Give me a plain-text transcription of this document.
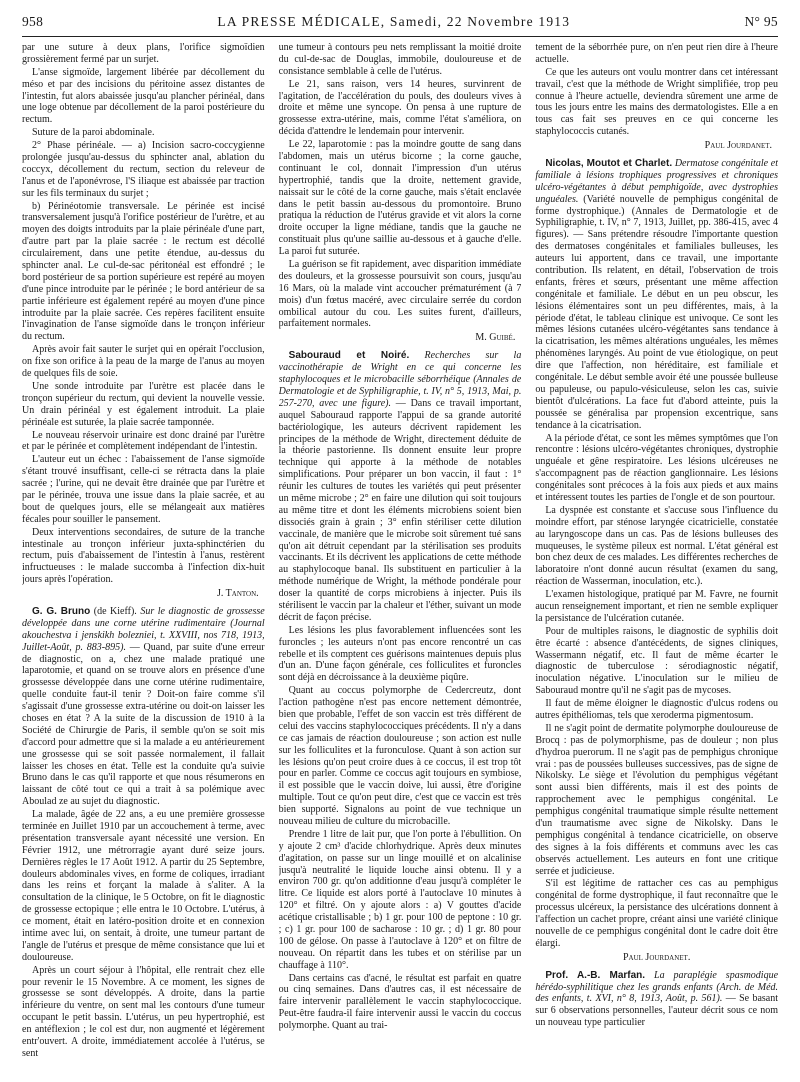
958	LA PRESSE MÉDICALE, Samedi, 22 Novembre 1913	N° 95

par une suture à deux plans, l'orifice sigmoïdien grossièrement fermé par un surjet.

L'anse sigmoïde, largement libérée par décollement du méso et par des incisions du péritoine assez distantes de l'intestin, fut alors abaissée jusqu'au plancher périnéal, dans une loge obtenue par décollement de la paroi postérieure du rectum.

Suture de la paroi abdominale.

2° Phase périnéale. — a) Incision sacro-coccygienne prolongée jusqu'au-dessus du sphincter anal, ablation du coccyx, décollement du rectum, section du releveur de l'anus et de l'aponévrose, l'S iliaque est abaissée par traction sur les fils terminaux du surjet ;

b) Périnéotomie transversale. Le périnée est incisé transversalement jusqu'à l'orifice postérieur de l'urètre, et au moyen des doigts introduits par la plaie périnéale d'une part, d'autre part par la plaie sacrée : le rectum est décollé circulairement, dans une petite étendue, au-dessus du sphincter anal. Le cul-de-sac péritonéal est effondré ; le bord postérieur de sa portion supérieure est repéré au moyen d'une pince introduite par le périnée ; le bord antérieur de sa partie inférieure est également repéré au moyen d'une pince introduite par la plaie sacrée. Ces repères facilitent ensuite l'invagination de l'anse sigmoïde dans le tronçon inférieur du rectum.

Après avoir fait sauter le surjet qui en opérait l'occlusion, on fixe son orifice à la peau de la marge de l'anus au moyen de quelques fils de soie.

Une sonde introduite par l'urètre est placée dans le tronçon supérieur du rectum, qui devient la nouvelle vessie. Un drain périnéal y est également introduit. La plaie périnéale est suturée, la plaie sacrée tamponnée.

Le nouveau réservoir urinaire est donc drainé par l'urètre et par le périnée et complètement indépendant de l'intestin.

L'auteur eut un échec : l'abaissement de l'anse sigmoïde s'étant trouvé insuffisant, celle-ci se rétracta dans la plaie sacrée ; l'urine, qui ne devait être drainée que par l'urètre et par le périnée, trouva une issue dans la plaie sacrée, et au bout de quelques jours, elle se mélangeait aux matières fécales pour souiller le pansement.

Deux interventions secondaires, de suture de la tranche intestinale au tronçon inférieur juxta-sphinctérien du rectum, puis d'abaissement de l'intestin à l'anus, restèrent infructueuses : le malade succomba à l'infection dix-huit jours après l'opération.

J. Tanton.

G. G. Bruno (de Kieff). Sur le diagnostic de grossesse développée dans une corne utérine rudimentaire (Journal akouchestva i jenskikh bolezniei, t. XXVIII, nos 718, 1913, Juillet-Août, p. 883-895). — Quand, par suite d'une erreur de diagnostic, on a, chez une malade pratiqué une laparotomie, et quand on se trouve alors en présence d'une grossesse développée dans une corne utérine rudimentaire, quelle conduite faut-il tenir ? Doit-on faire comme s'il s'agissait d'une grossesse extra-utérine ou doit-on laisser les choses en état ? A la suite de la discussion de 1910 à la Société de Chirurgie de Paris, il semble qu'on se soit mis d'accord pour admettre que si la malade a eu antérieurement une grossesse qui se soit passée normalement, il fallait laisser les choses en état. Telle est la conduite qu'a suivie Bruno dans le cas qu'il rapporte et que nous résumerons en laissant de côté tout ce qui a trait à sa polémique avec Aboulad ze au sujet du diagnostic.

La malade, âgée de 22 ans, a eu une première grossesse terminée en Juillet 1910 par un accouchement à terme, avec présentation transversale ayant nécessité une version. En Février 1912, une métrorragie ayant duré seize jours. Dernières règles le 17 Août 1912. A partir du 25 Septembre, douleurs abdominales vives, en forme de coliques, irradiant dans les reins et forçant la malade à s'aliter. A la consultation de la clinique, le 5 Octobre, on fit le diagnostic de grossesse ectopique ; elle entra le 10 Octobre. L'utérus, à ce moment, était en latéro-position droite et en connexion intime avec lui, on sentait, à droite, une tumeur partant de l'angle de l'utérus et presque de même consistance que lui et douloureuse.

Après un court séjour à l'hôpital, elle rentrait chez elle pour revenir le 15 Novembre. A ce moment, les signes de grossesse se sont développés. A droite, dans la partie inférieure du ventre, on sent mal les contours d'une tumeur occupant le petit bassin. L'utérus, un peu hypertrophié, est en antéflexion ; le col est dur, non augmenté et légèrement entr'ouvert. A droite, immédiatement accolée à l'utérus, se sent

une tumeur à contours peu nets remplissant la moitié droite du cul-de-sac de Douglas, immobile, douloureuse et de consistance semblable à celle de l'utérus.

Le 21, sans raison, vers 14 heures, survinrent de l'agitation, de l'accélération du pouls, des douleurs vives à droite et même une syncope. On pensa à une rupture de grossesse extra-utérine, mais, comme l'état s'améliora, on décida d'attendre le lendemain pour intervenir.

Le 22, laparotomie : pas la moindre goutte de sang dans l'abdomen, mais un utérus bicorne ; la corne gauche, continuant le col, donnait l'impression d'un utérus hypertrophié, tandis que la droite, nettement gravide, naissait sur le côté de la corne gauche, mais s'était enclavée dans le petit bassin au-dessous du promontoire. Bruno pratiqua la réduction de l'utérus gravide et vit alors la corne droite occuper la ligne médiane, tandis que la gauche ne constituait plus qu'une saillie au-dessous et à gauche d'elle. La paroi fut suturée.

La guérison se fit rapidement, avec disparition immédiate des douleurs, et la grossesse poursuivit son cours, jusqu'au 16 Mars, où la malade vint accoucher prématurément (à 7 mois) d'un fœtus macéré, avec circulaire serrée du cordon ombilical autour du cou. Les suites furent, d'ailleurs, parfaitement normales.

M. Guibé.

Sabouraud et Noiré. Recherches sur la vaccinothérapie de Wright en ce qui concerne les staphylocoques et le microbacille séborrhéique (Annales de Dermatologie et de Syphiligraphie, t. IV, n° 5, 1913, Mai, p. 257-270, avec une figure). — Dans ce travail important, auquel Sabouraud rapporte l'appui de sa grande autorité bactériologique, les auteurs décrivent rapidement les principes de la méthode de Wright, directement déduite de la théorie pastorienne. Ils donnent ensuite leur propre technique qui apporte à la méthode de notables simplifications. Pour préparer un bon vaccin, il faut : 1° réunir les cultures de toutes les variétés qui peut présenter un même microbe ; 2° en faire une dilution qui soit toujours au même titre et dont les éléments microbiens soient bien dissociés grain à grain ; 3° enfin stériliser cette dilution vaccinale, de manière que le microbe soit sûrement tué sans qu'on ait détruit cependant par la stérilisation ses produits vaccinants. Et ils décrivent les applications de cette méthode au staphylocoque banal. Ils substituent en particulier à la méthode numérique de Wright, la méthode pondérale pour doser la quantité de corps microbiens à injecter. Puis ils stérilisent le vaccin par la chaleur et l'éther, suivant un mode décrit de façon précise.

Les lésions les plus favorablement influencées sont les furoncles ; les auteurs n'ont pas encore rencontré un cas rebelle et ils comptent ces guérisons maintenues depuis plus d'un an. D'une façon générale, ces folliculites et furoncles sont déjà en décroissance à la deuxième piqûre.

Quant au coccus polymorphe de Cedercreutz, dont l'action pathogène n'est pas encore nettement démontrée, bien que probable, l'effet de son vaccin est très différent de celui des vaccins staphylococciques précédents. Il n'y a dans ce cas jamais de réaction douloureuse ; son action est nulle sur les folliculites et la furonculose. Quant à son action sur les lésions qu'on peut croire dues à ce coccus, il est trop tôt pour en parler. Comme ce coccus agit toujours en symbiose, il est possible que le vaccin doive, lui aussi, être d'origine multiple. Tout ce qu'on peut dire, c'est que ce vaccin est très bien supporté. Signalons au point de vue technique un nouveau milieu de culture du microbacille.

Prendre 1 litre de lait pur, que l'on porte à l'ébullition. On y ajoute 2 cm³ d'acide chlorhydrique. Après deux minutes d'agitation, on passe sur un linge mouillé et on alcalinise jusqu'à neutralité le liquide louche ainsi obtenu. Il y a environ 700 gr. qu'on additionne d'eau jusqu'à compléter le litre. Ce liquide est alors porté à l'autoclave 10 minutes à 120° et filtré. On y ajoute alors : a) V gouttes d'acide acétique cristallisable ; b) 1 gr. pour 100 de peptone : 10 gr. ; c) 1 gr. pour 100 de sacharose : 10 gr. ; d) 1 gr. 80 pour 100 de gélose. On passe à l'autoclave à 120° et on filtre de nouveau. On répartit dans les tubes et on stérilise par un chauffage à 110°.

Dans certains cas d'acné, le résultat est parfait en quatre ou cinq semaines. Dans d'autres cas, il est nécessaire de faire intervenir parallèlement le vaccin staphylococcique. Peut-être faudra-il faire intervenir aussi le vaccin du coccus polymorphe. Quant au trai-

tement de la séborrhée pure, on n'en peut rien dire à l'heure actuelle.

Ce que les auteurs ont voulu montrer dans cet intéressant travail, c'est que la méthode de Wright simplifiée, trop peu connue à l'heure actuelle, deviendra sûrement une arme de tous les jours entre les mains des dermatologistes. Elle a en tous cas fait ses preuves en ce qui concerne les staphylococcis cutanés.

Paul Jourdanet.

Nicolas, Moutot et Charlet. Dermatose congénitale et familiale à lésions trophiques progressives et chroniques ulcéro-végétantes à début pemphigoïde, avec dystrophies unguéales. (Variété nouvelle de pemphigus congénital de forme dystrophique.) (Annales de Dermatologie et de Syphiligraphie, t. IV, n° 7, 1913, Juillet, pp. 386-415, avec 4 figures). — Sans prétendre résoudre l'importante question des dermatoses congénitales et familiales bulleuses, les auteurs lui apportent, dans ce travail, une importante contribution. Ils relatent, en détail, l'observation de trois enfants, frères et sœurs, présentant une même affection congénitale et familiale. Le début en un peu obscur, les lésions élémentaires sont un peu différentes, mais, à la période d'état, le tableau clinique est univoque. Ce sont les mêmes lésions cutanées ulcéro-végétantes sans tendance à la cicatrisation, les mêmes altérations unguéales, les mêmes phénomènes laryngés. Au point de vue étiologique, on peut dire que l'affection, non héréditaire, est familiale et congénitale. Le début semble avoir été une poussée bulleuse ou papuleuse, ou papulo-vésiculeuse, selon les cas, suivie bientôt d'ulcérations. La face fut d'abord atteinte, puis la poussée se généralisa par propension excentrique, sans tendance à la cicatrisation.

A la période d'état, ce sont les mêmes symptômes que l'on rencontre : lésions ulcéro-végétantes chroniques, dystrophie unguéale et gêne respiratoire. Les lésions ulcéreuses ne s'accompagnent pas de réaction ganglionnaire. Les lésions congénitales sont précoces à la fois aux pieds et aux mains et intéressent toutes les parties de l'ongle et de son pourtour.

La dyspnée est constante et s'accuse sous l'influence du moindre effort, par sténose laryngée cicatricielle, constatée au laryngoscope dans un cas. Pas de lésions bulleuses des muqueuses, le système pileux est normal. L'état général est bon chez deux de ces malades. Les différentes recherches de laboratoire n'ont donné aucun résultat (examen du sang, réaction de Wasserman, inoculation, etc.).

L'examen histologique, pratiqué par M. Favre, ne fournit aucun renseignement important, et rien ne semble expliquer la persistance de l'ulcération cutanée.

Pour de multiples raisons, le diagnostic de syphilis doit être écarté : absence d'antécédents, de signes cliniques, Wassermann négatif, etc. Il faut de même écarter le diagnostic de tuberculose : sérodiagnostic négatif, inoculation négative. L'inoculation sur le milieu de Sabouraud montre qu'il ne s'agit pas de mycoses.

Il faut de même éloigner le diagnostic d'ulcus rodens ou autres épithéliomas, tels que xeroderma pigmentosum.

Il ne s'agit point de dermatite polymorphe douloureuse de Brocq : pas de polymorphisme, pas de douleur ; non plus d'hydroa puerorum. Il ne s'agit pas de pemphigus chronique vrai : pas de poussées bulleuses successives, pas de signe de Nikolsky. Le siège et l'évolution du pemphigus végétant sont aussi bien différents, mais il est des points de rapprochement avec le pemphigus congénital. Le pemphigus congénital traumatique simple résulte nettement d'un traumatisme avec signe de Nikolsky. Dans le pemphigus congénital à tendance cicatricielle, on observe des signes à la fois différents et communs avec les cas observés actuellement. Les auteurs en font une critique serrée et judicieuse.

S'il est légitime de rattacher ces cas au pemphigus congénital de forme dystrophique, il faut reconnaître que le processus ulcéreux, la persistance des ulcérations donnent à l'affection un cachet propre, créant ainsi une variété clinique nouvelle de ce pemphigus congénital dont le cadre doit être élargi.

Paul Jourdanet.

Prof. A.-B. Marfan. La paraplégie spasmodique hérédo-syphilitique chez les grands enfants (Arch. de Méd. des enfants, t. XVI, n° 8, 1913, Août, p. 561). — Se basant sur 6 observations personnelles, l'auteur décrit sous ce nom un nouveau type particulier
